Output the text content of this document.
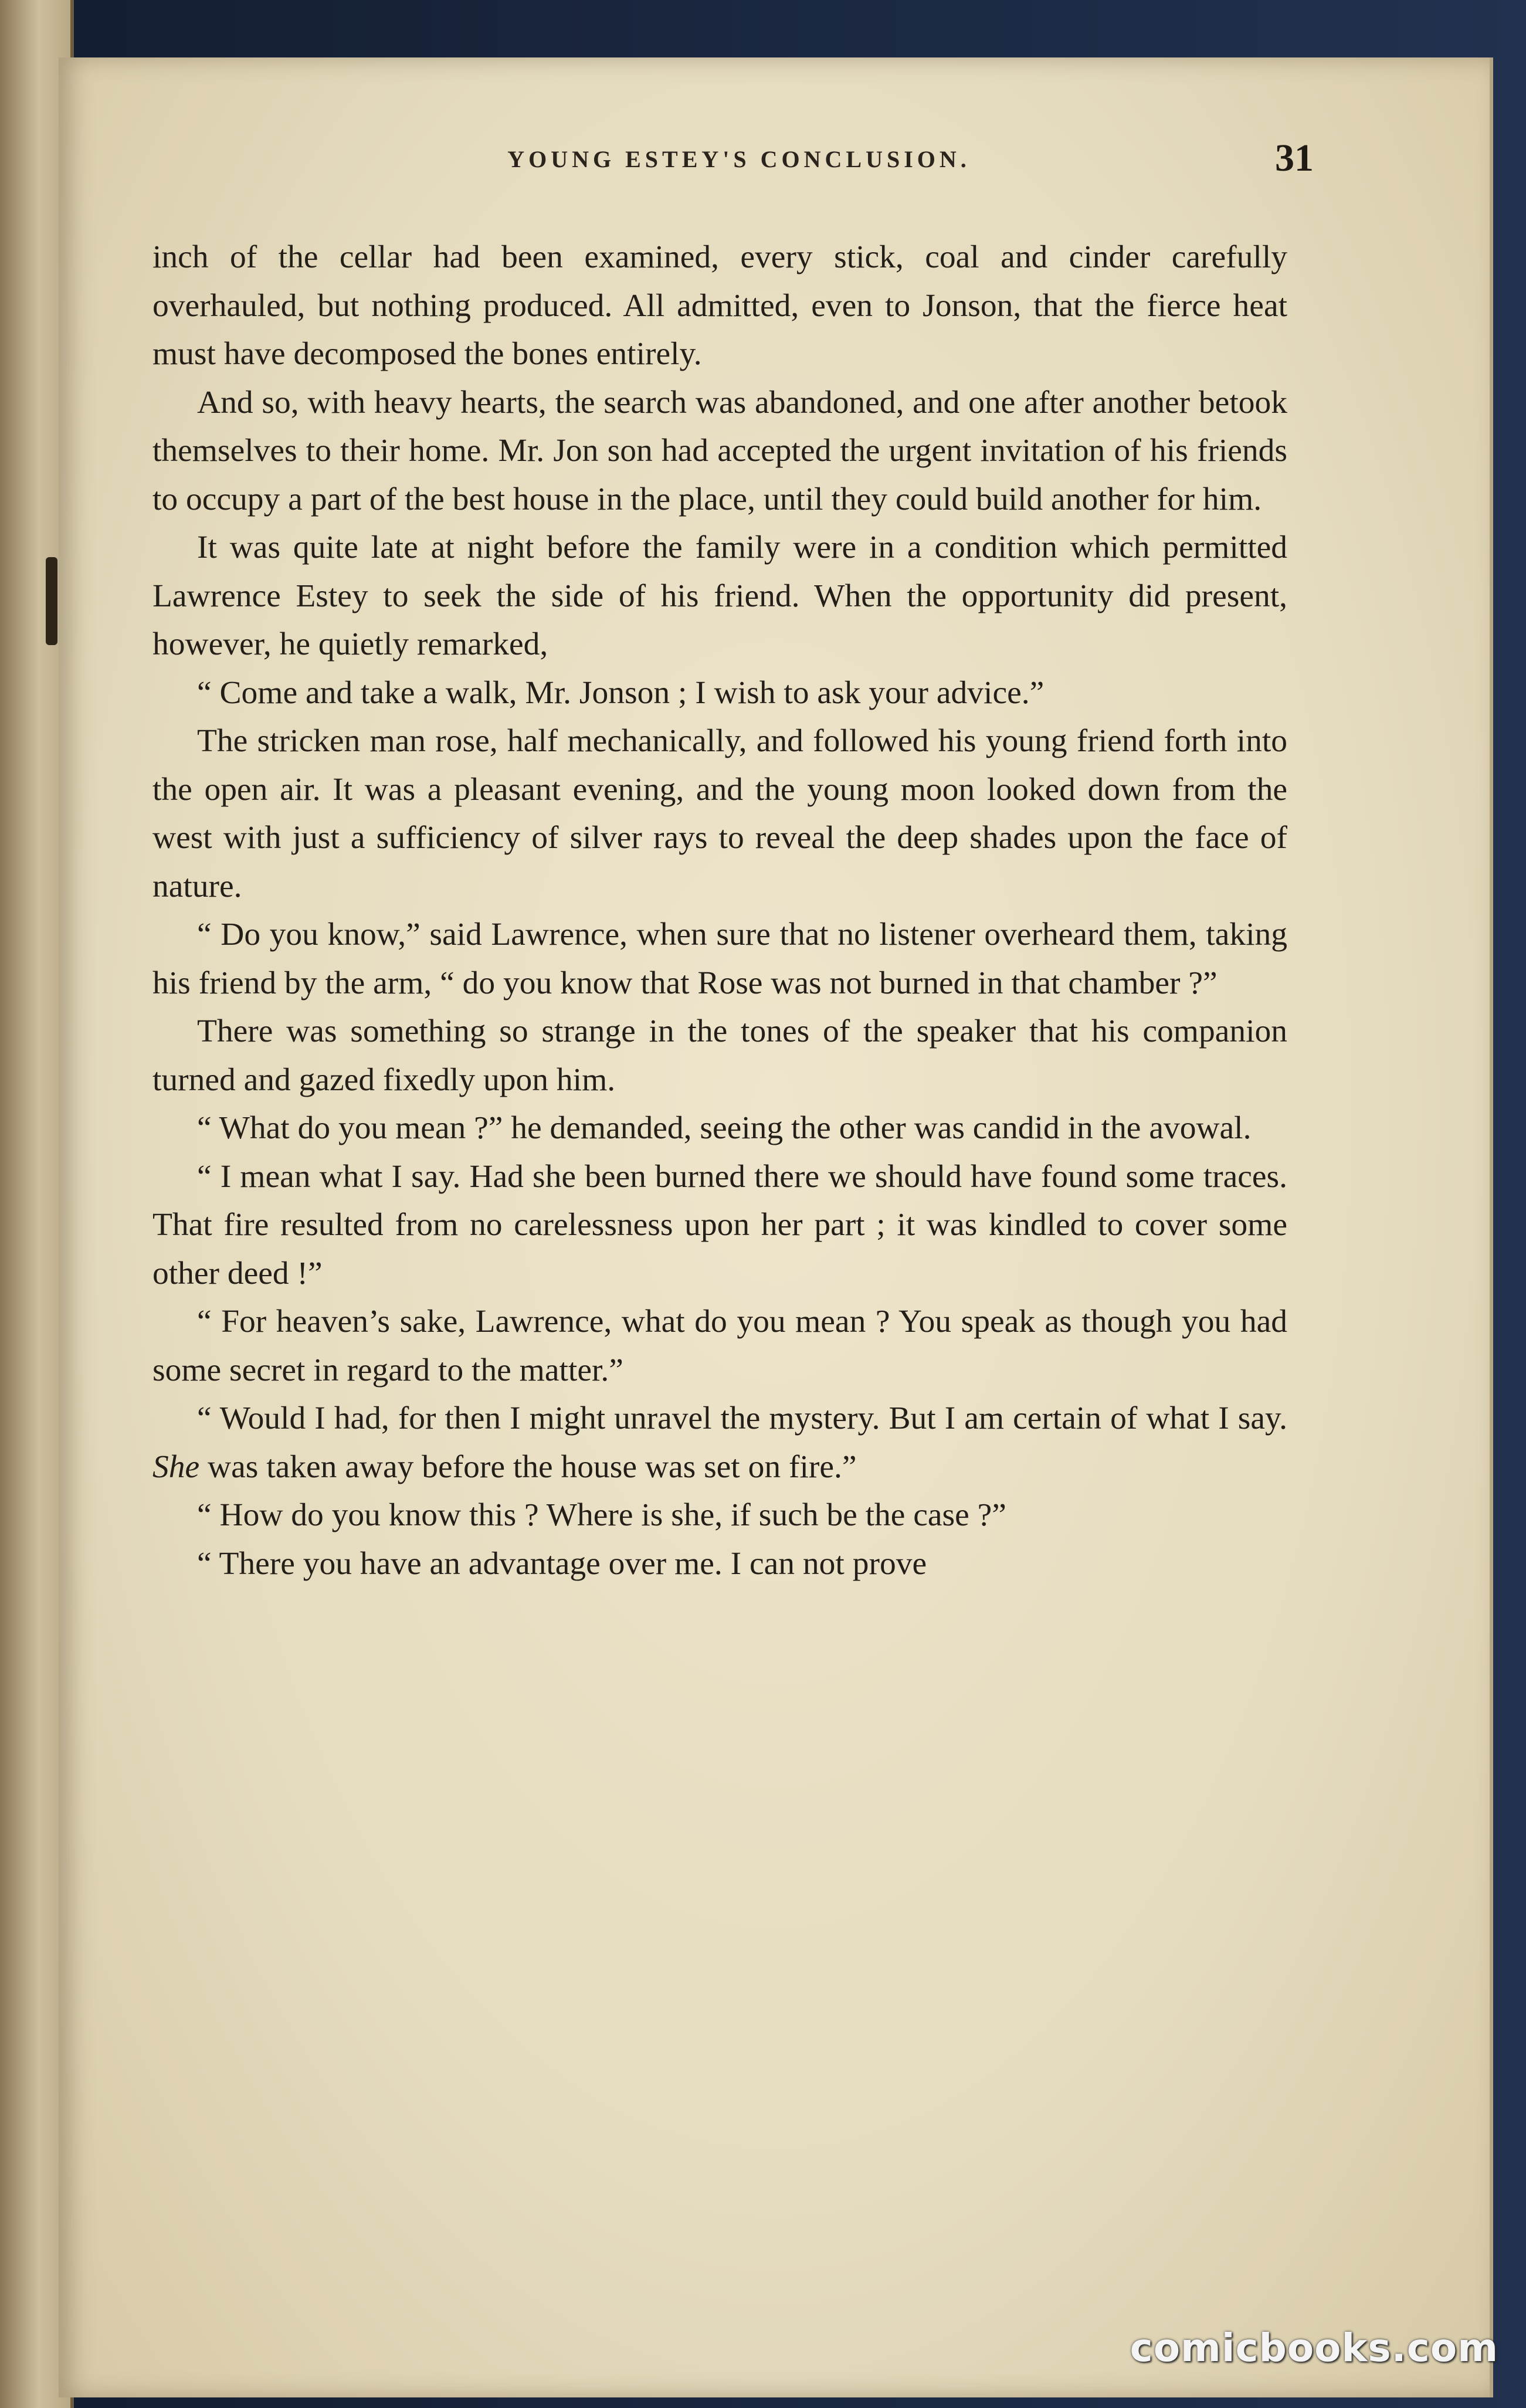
YOUNG ESTEY'S CONCLUSION.	31

inch of the cellar had been examined, every stick, coal and cinder carefully overhauled, but nothing produced. All admitted, even to Jonson, that the fierce heat must have decomposed the bones entirely.

And so, with heavy hearts, the search was abandoned, and one after another betook themselves to their home. Mr. Jon son had accepted the urgent invitation of his friends to occupy a part of the best house in the place, until they could build another for him.

It was quite late at night before the family were in a condition which permitted Lawrence Estey to seek the side of his friend. When the opportunity did present, however, he quietly remarked,

“ Come and take a walk, Mr. Jonson ; I wish to ask your advice.”

The stricken man rose, half mechanically, and followed his young friend forth into the open air. It was a pleasant evening, and the young moon looked down from the west with just a sufficiency of silver rays to reveal the deep shades upon the face of nature.

“ Do you know,” said Lawrence, when sure that no listener overheard them, taking his friend by the arm, “ do you know that Rose was not burned in that chamber ?”

There was something so strange in the tones of the speaker that his companion turned and gazed fixedly upon him.

“ What do you mean ?” he demanded, seeing the other was candid in the avowal.

“ I mean what I say. Had she been burned there we should have found some traces. That fire resulted from no carelessness upon her part ; it was kindled to cover some other deed !”

“ For heaven’s sake, Lawrence, what do you mean ? You speak as though you had some secret in regard to the matter.”

“ Would I had, for then I might unravel the mystery. But I am certain of what I say. She was taken away before the house was set on fire.”

“ How do you know this ? Where is she, if such be the case ?”

“ There you have an advantage over me. I can not prove

comicbooks.com
